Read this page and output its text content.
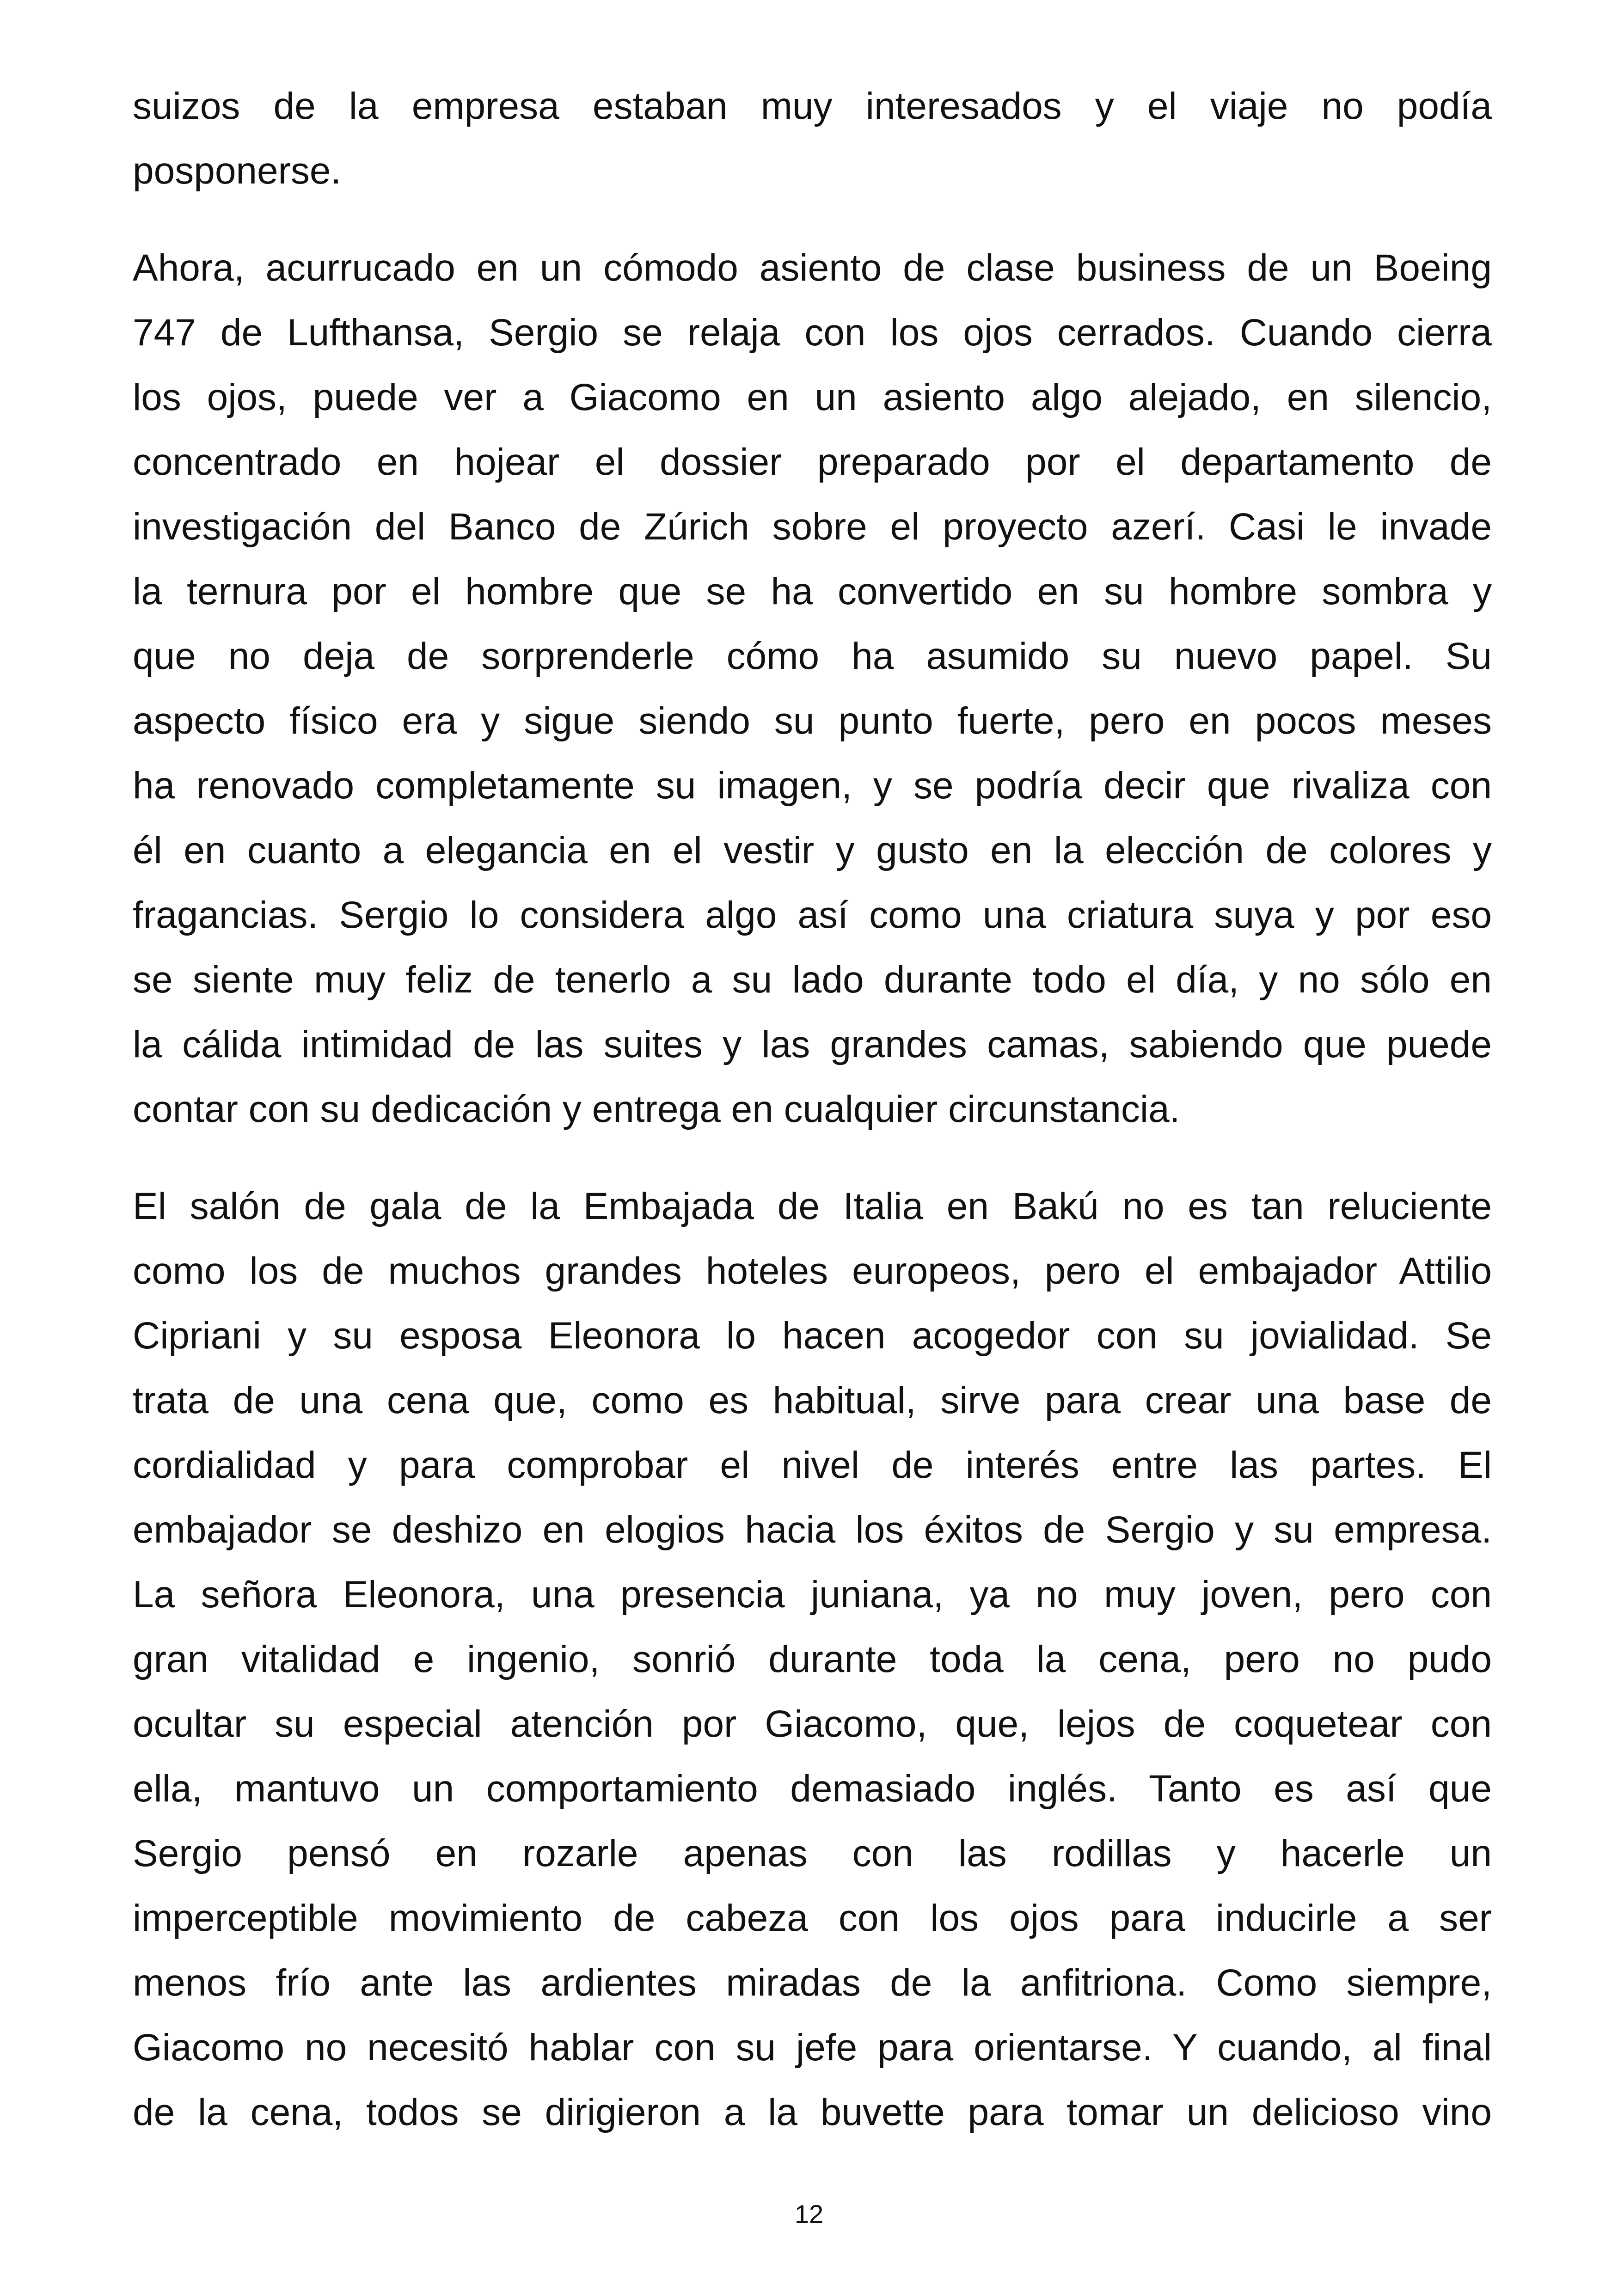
suizos de la empresa estaban muy interesados y el viaje no podía
posponerse.

Ahora, acurrucado en un cómodo asiento de clase business de un Boeing
747 de Lufthansa, Sergio se relaja con los ojos cerrados. Cuando cierra
los ojos, puede ver a Giacomo en un asiento algo alejado, en silencio,
concentrado en hojear el dossier preparado por el departamento de
investigación del Banco de Zúrich sobre el proyecto azerí. Casi le invade
la ternura por el hombre que se ha convertido en su hombre sombra y
que no deja de sorprenderle cómo ha asumido su nuevo papel. Su
aspecto físico era y sigue siendo su punto fuerte, pero en pocos meses
ha renovado completamente su imagen, y se podría decir que rivaliza con
él en cuanto a elegancia en el vestir y gusto en la elección de colores y
fragancias. Sergio lo considera algo así como una criatura suya y por eso
se siente muy feliz de tenerlo a su lado durante todo el día, y no sólo en
la cálida intimidad de las suites y las grandes camas, sabiendo que puede
contar con su dedicación y entrega en cualquier circunstancia.

El salón de gala de la Embajada de Italia en Bakú no es tan reluciente
como los de muchos grandes hoteles europeos, pero el embajador Attilio
Cipriani y su esposa Eleonora lo hacen acogedor con su jovialidad. Se
trata de una cena que, como es habitual, sirve para crear una base de
cordialidad y para comprobar el nivel de interés entre las partes. El
embajador se deshizo en elogios hacia los éxitos de Sergio y su empresa.
La señora Eleonora, una presencia juniana, ya no muy joven, pero con
gran vitalidad e ingenio, sonrió durante toda la cena, pero no pudo
ocultar su especial atención por Giacomo, que, lejos de coquetear con
ella, mantuvo un comportamiento demasiado inglés. Tanto es así que
Sergio pensó en rozarle apenas con las rodillas y hacerle un
imperceptible movimiento de cabeza con los ojos para inducirle a ser
menos frío ante las ardientes miradas de la anfitriona. Como siempre,
Giacomo no necesitó hablar con su jefe para orientarse. Y cuando, al final
de la cena, todos se dirigieron a la buvette para tomar un delicioso vino

12
